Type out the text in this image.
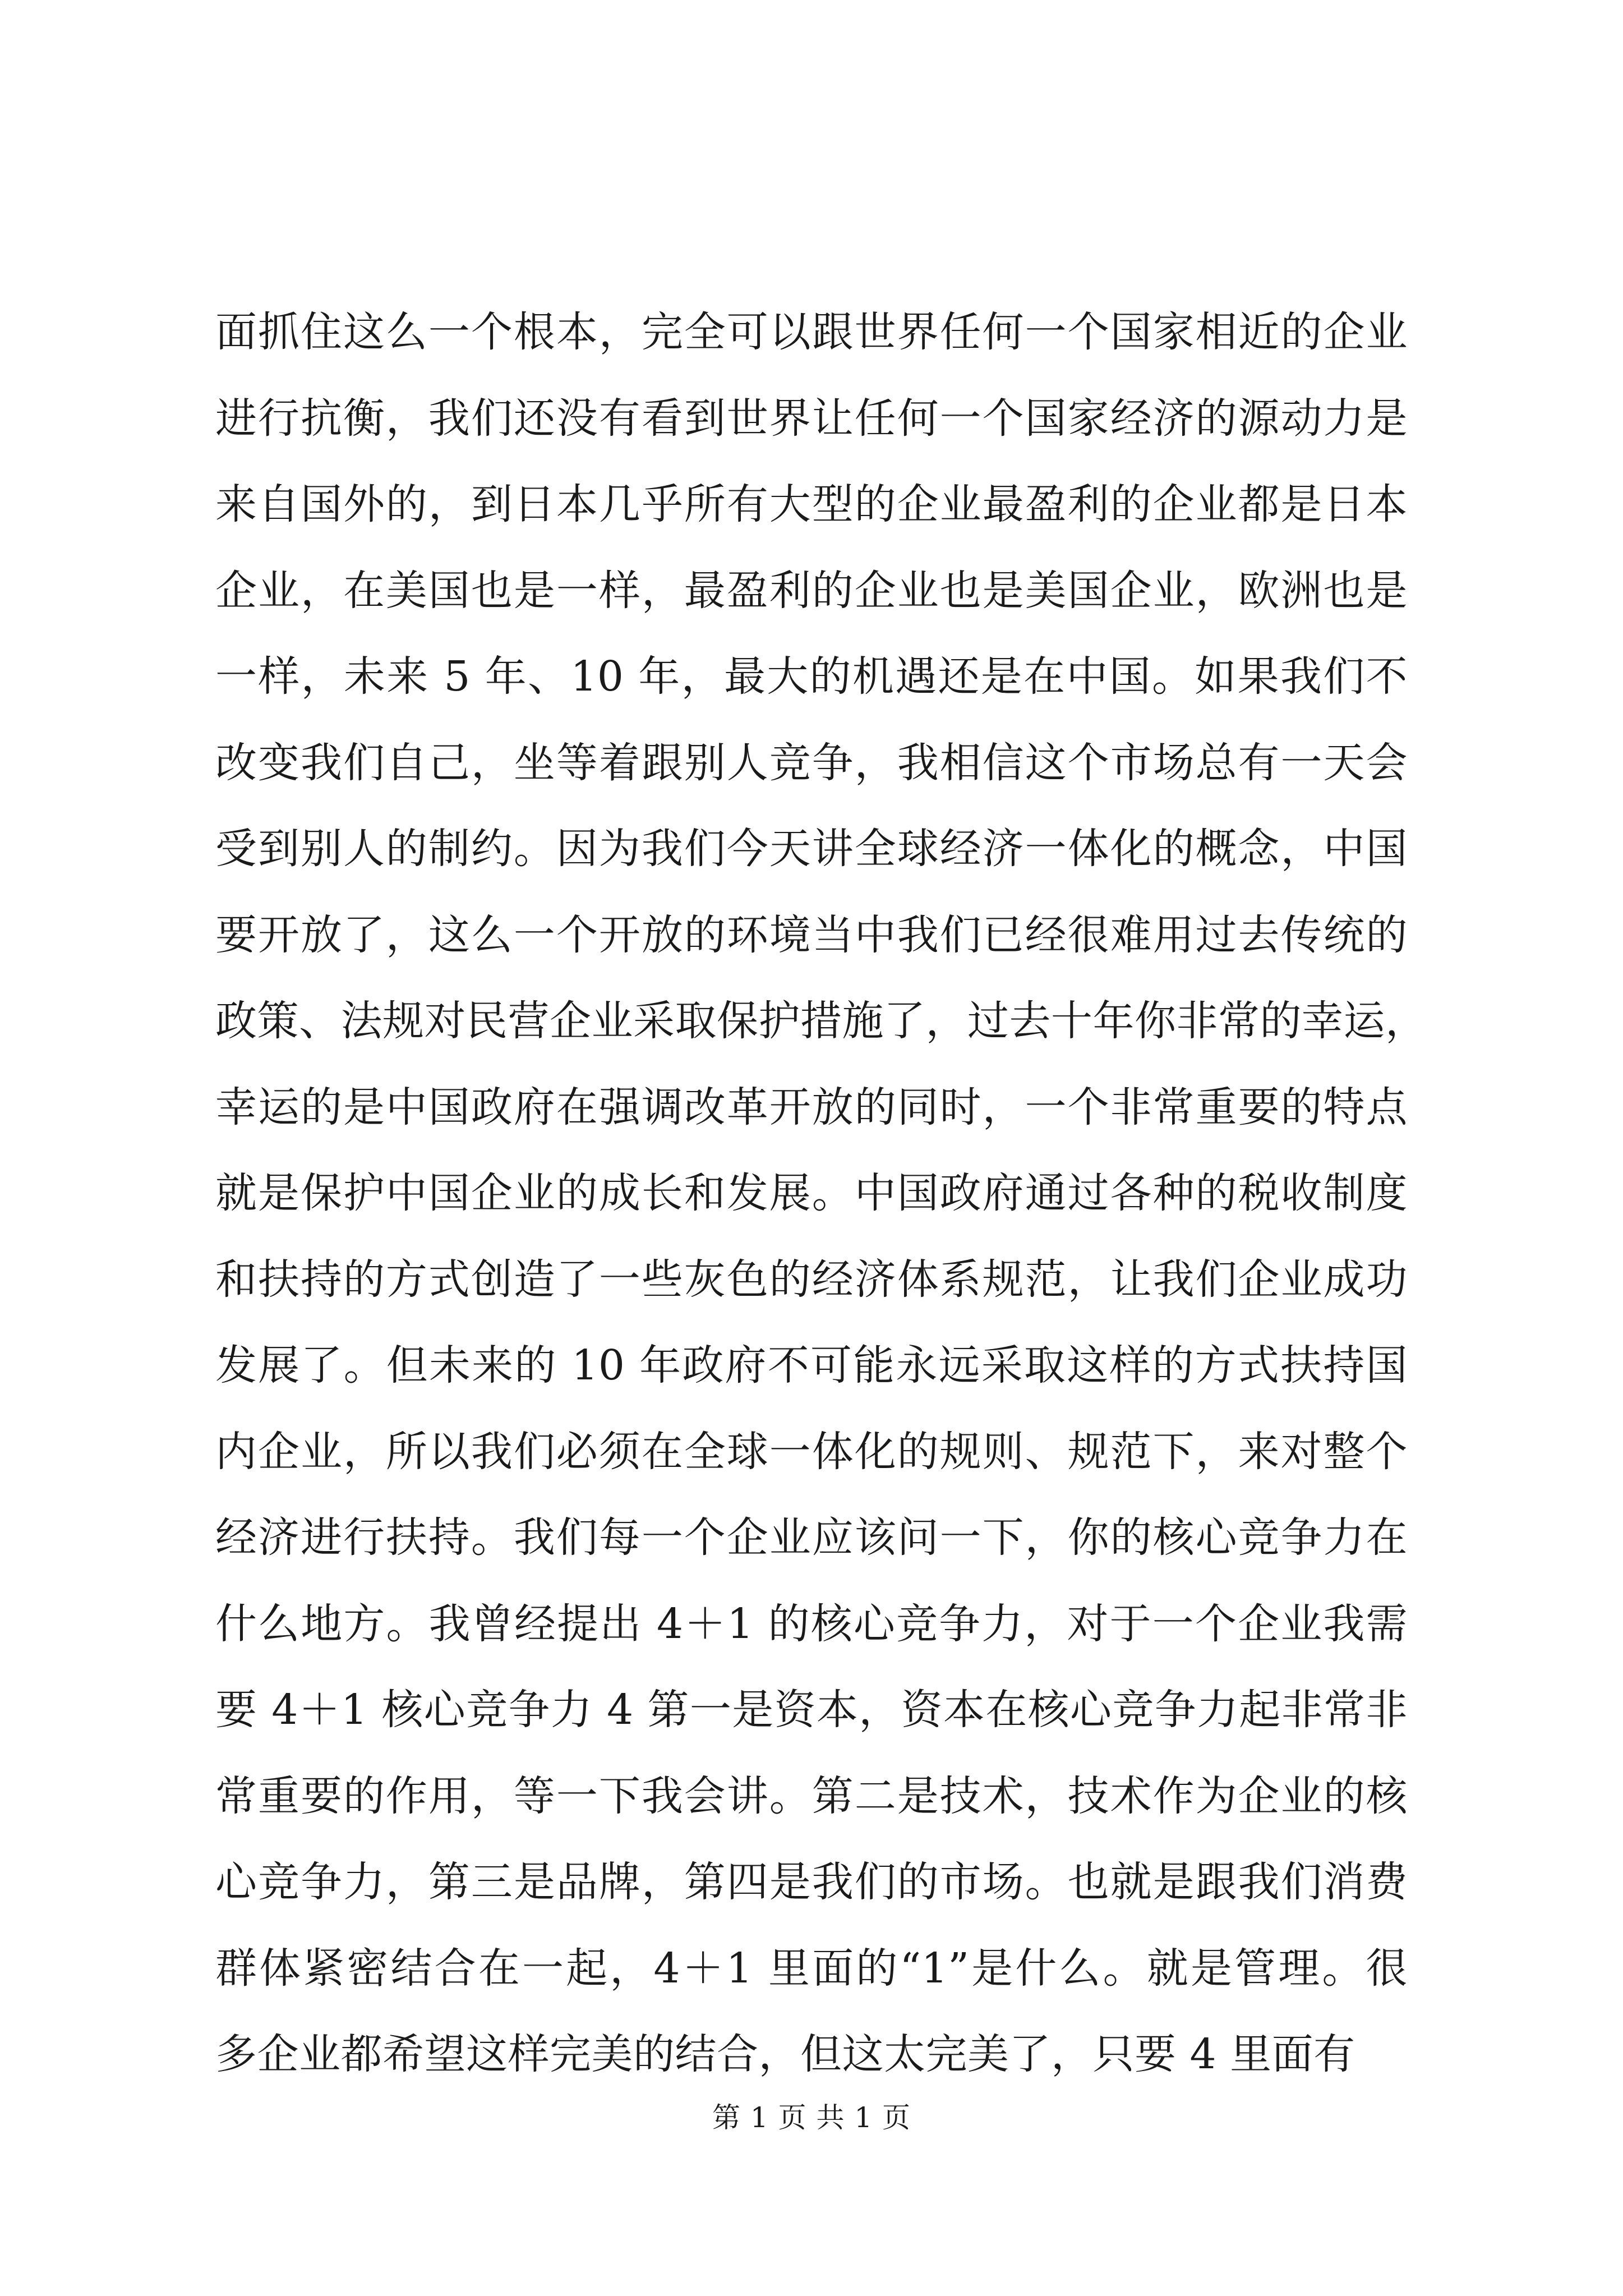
面抓住这么一个根本，完全可以跟世界任何一个国家相近的企业
进行抗衡，我们还没有看到世界让任何一个国家经济的源动力是
来自国外的，到日本几乎所有大型的企业最盈利的企业都是日本
企业，在美国也是一样，最盈利的企业也是美国企业，欧洲也是
一样，未来 5 年、10 年，最大的机遇还是在中国。如果我们不
改变我们自己，坐等着跟别人竞争，我相信这个市场总有一天会
受到别人的制约。因为我们今天讲全球经济一体化的概念，中国
要开放了，这么一个开放的环境当中我们已经很难用过去传统的
政策、法规对民营企业采取保护措施了，过去十年你非常的幸运，
幸运的是中国政府在强调改革开放的同时，一个非常重要的特点
就是保护中国企业的成长和发展。中国政府通过各种的税收制度
和扶持的方式创造了一些灰色的经济体系规范，让我们企业成功
发展了。但未来的 10 年政府不可能永远采取这样的方式扶持国
内企业，所以我们必须在全球一体化的规则、规范下，来对整个
经济进行扶持。我们每一个企业应该问一下，你的核心竞争力在
什么地方。我曾经提出 4＋1 的核心竞争力，对于一个企业我需
要 4＋1 核心竞争力 4 第一是资本，资本在核心竞争力起非常非
常重要的作用，等一下我会讲。第二是技术，技术作为企业的核
心竞争力，第三是品牌，第四是我们的市场。也就是跟我们消费
群体紧密结合在一起，4＋1 里面的“1”是什么。就是管理。很
多企业都希望这样完美的结合，但这太完美了，只要 4 里面有
第 1 页 共 1 页
